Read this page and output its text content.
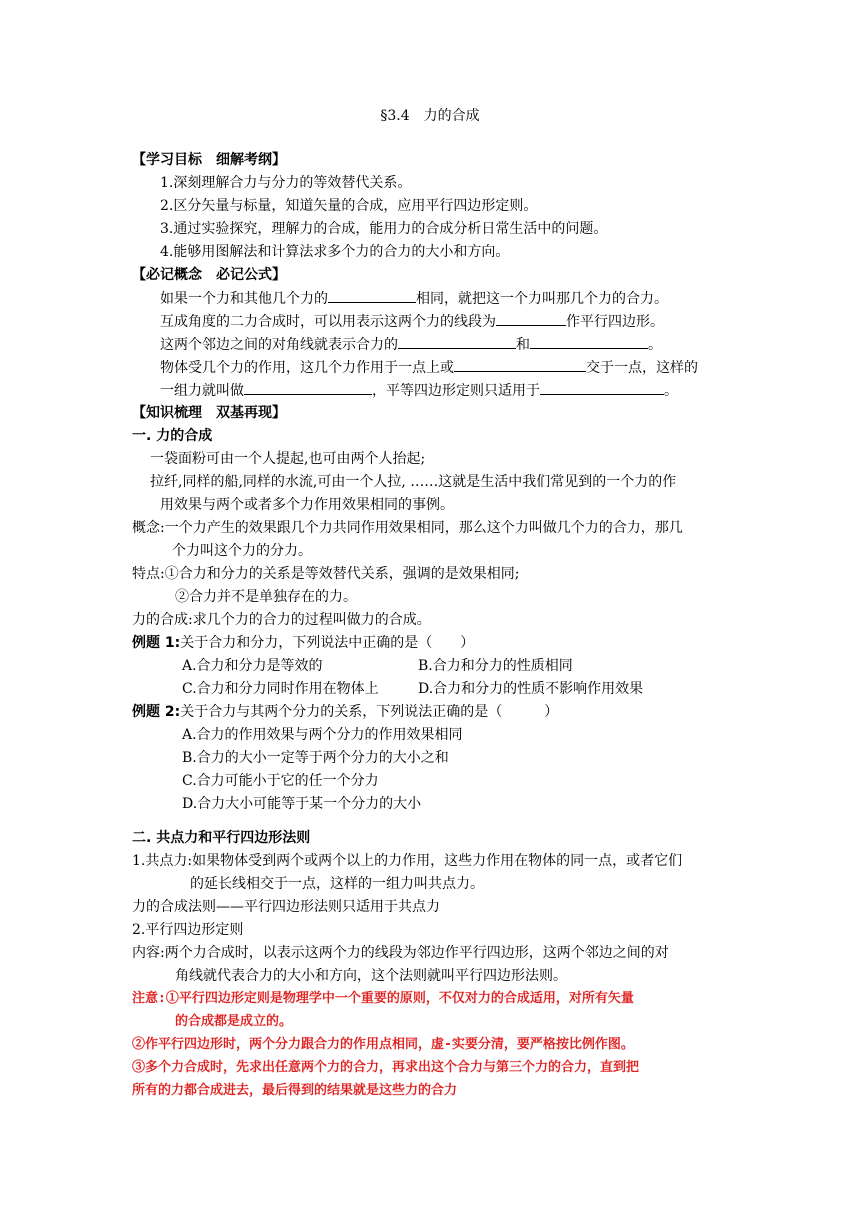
§3.4　力的合成
【学习目标　细解考纲】
1.深刻理解合力与分力的等效替代关系。
2.区分矢量与标量，知道矢量的合成，应用平行四边形定则。
3.通过实验探究，理解力的合成，能用力的合成分析日常生活中的问题。
4.能够用图解法和计算法求多个力的合力的大小和方向。
【必记概念　必记公式】
如果一个力和其他几个力的	相同，就把这一个力叫那几个力的合力。
互成角度的二力合成时，可以用表示这两个力的线段为	作平行四边形。
这两个邻边之间的对角线就表示合力的	和	。
物体受几个力的作用，这几个力作用于一点上或	交于一点，这样的
一组力就叫做	，平等四边形定则只适用于	。
【知识梳理　双基再现】
一. 力的合成
一袋面粉可由一个人提起,也可由两个人抬起;
拉纤,同样的船,同样的水流,可由一个人拉, ……这就是生活中我们常见到的一个力的作
用效果与两个或者多个力作用效果相同的事例。
概念:一个力产生的效果跟几个力共同作用效果相同，那么这个力叫做几个力的合力，那几
个力叫这个力的分力。
特点:①合力和分力的关系是等效替代关系，强调的是效果相同;
②合力并不是单独存在的力。
力的合成:求几个力的合力的过程叫做力的合成。
例题 1:关于合力和分力，下列说法中正确的是（　　）
A.合力和分力是等效的	B.合力和分力的性质相同
C.合力和分力同时作用在物体上	D.合力和分力的性质不影响作用效果
例题 2:关于合力与其两个分力的关系，下列说法正确的是（　　　）
A.合力的作用效果与两个分力的作用效果相同
B.合力的大小一定等于两个分力的大小之和
C.合力可能小于它的任一个分力
D.合力大小可能等于某一个分力的大小
二. 共点力和平行四边形法则
1.共点力:如果物体受到两个或两个以上的力作用，这些力作用在物体的同一点，或者它们
的延长线相交于一点，这样的一组力叫共点力。
力的合成法则——平行四边形法则只适用于共点力
2.平行四边形定则
内容:两个力合成时，以表示这两个力的线段为邻边作平行四边形，这两个邻边之间的对
角线就代表合力的大小和方向，这个法则就叫平行四边形法则。
注意:①平行四边形定则是物理学中一个重要的原则，不仅对力的合成适用，对所有矢量
的合成都是成立的。
②作平行四边形时，两个分力跟合力的作用点相同，虚-实要分清，要严格按比例作图。
③多个力合成时，先求出任意两个力的合力，再求出这个合力与第三个力的合力，直到把
所有的力都合成进去，最后得到的结果就是这些力的合力
